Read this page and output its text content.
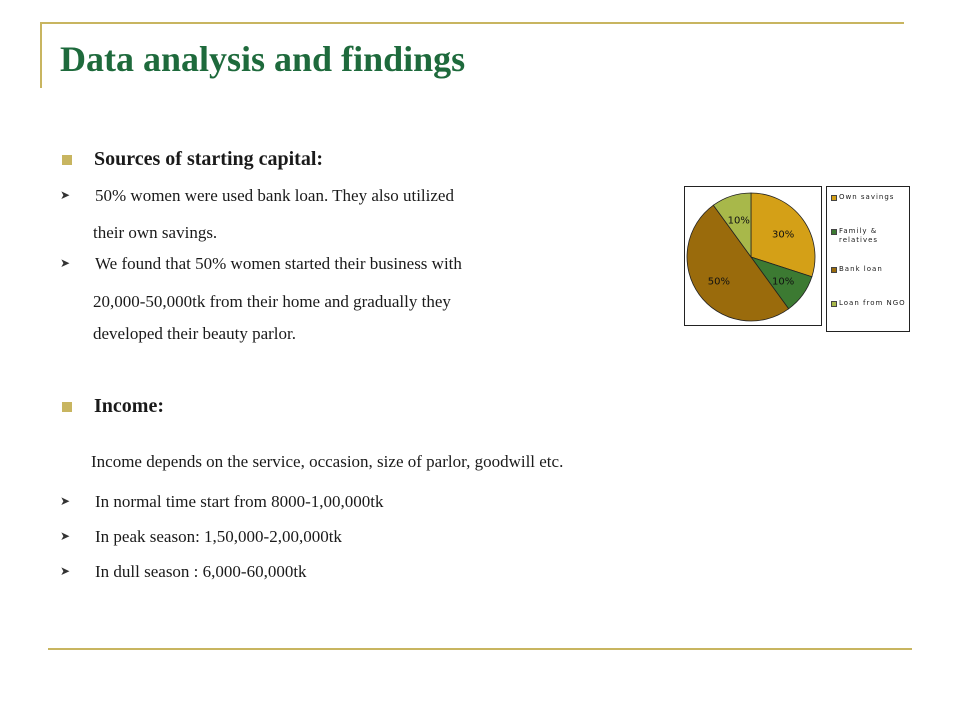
Data analysis and findings
Sources of starting capital:
➤	50% women were used bank loan. They also utilized
their own savings.
➤	We found that 50% women started their business with
20,000-50,000tk from their home and gradually they
developed their beauty parlor.
30%
10%
50%
10%
Own savings
Family & relatives
Bank loan
Loan from NGO
Income:
Income depends on the service, occasion, size of parlor, goodwill etc.
➤	In normal time start from 8000-1,00,000tk
➤	In peak season: 1,50,000-2,00,000tk
➤	In dull season : 6,000-60,000tk
